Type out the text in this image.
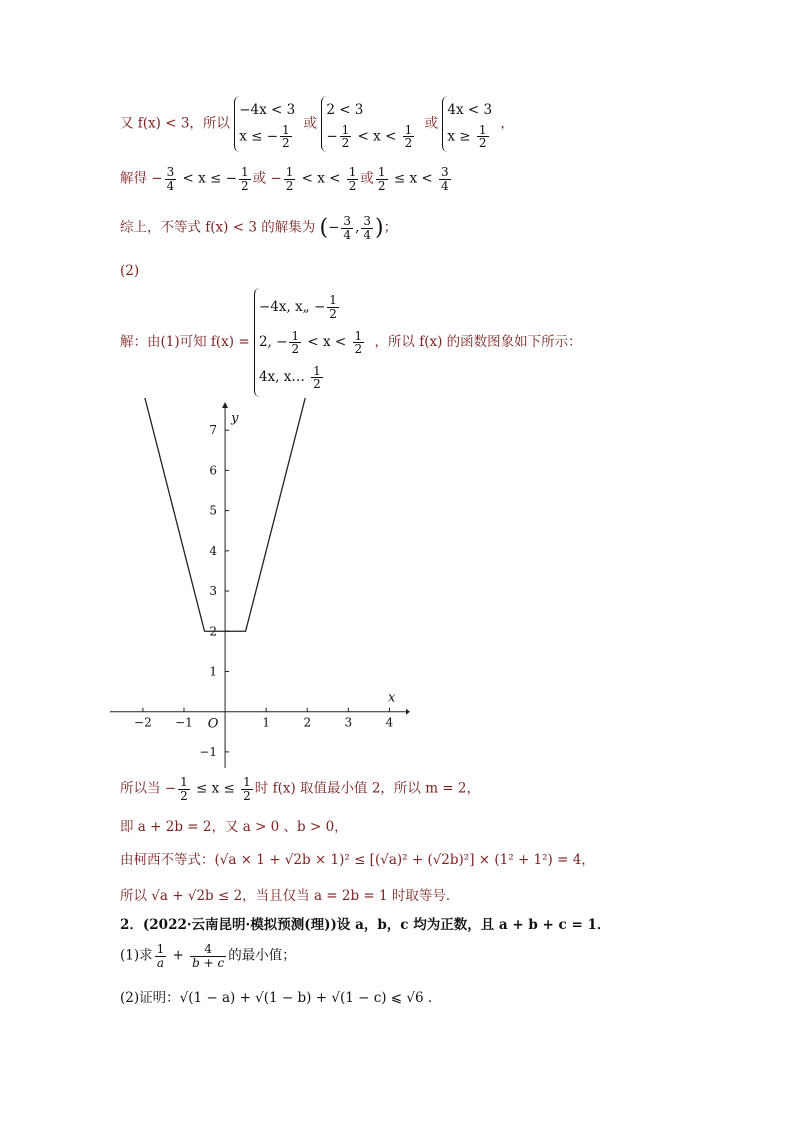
又 f(x) < 3，所以
−4x < 3
x ≤ − $\frac{1}{2}$
或
2 < 3
− $\frac{1}{2} < x < \frac{1}{2}$
或
4x < 3
$x \ge \frac{1}{2}$
，
解得 − $\frac{3}{4} < x$ ≤ − $\frac{1}{2}$ 或 − $\frac{1}{2} < x < \frac{1}{2}$ 或 $\frac{1}{2} \le x < \frac{3}{4}$
综上，不等式 f(x) < 3 的解集为 (− $\frac{3}{4}$ , $\frac{3}{4}$ )；
(2)
解：由(1)可知 f(x) =
−4x, x„ − $\frac{1}{2}$
2, − $\frac{1}{2} < x < \frac{1}{2}$
4x, x… $\frac{1}{2}$
，所以 f(x) 的函数图象如下所示：
−2 −1	1	2	3	4
−1
1
2
3
4
5
6
7
O
x
y
所以当 − $\frac{1}{2} \le x \le \frac{1}{2}$ 时 f(x) 取值最小值 2，所以 m = 2，
即 a + 2b = 2，又 a > 0 、b > 0，
由柯西不等式：(√a × 1 + √2b × 1)² ≤ [(√a)² + (√2b)²] × (1² + 1²) = 4，
所以 √a + √2b ≤ 2，当且仅当 a = 2b = 1 时取等号．
2．(2022·云南昆明·模拟预测(理))设 a，b，c 均为正数，且 a + b + c = 1．
(1)求 $\frac{1}{a} + \frac{4}{b + c}$ 的最小值；
(2)证明：√(1 − a) + √(1 − b) + √(1 − c) ⩽ √6 ．
